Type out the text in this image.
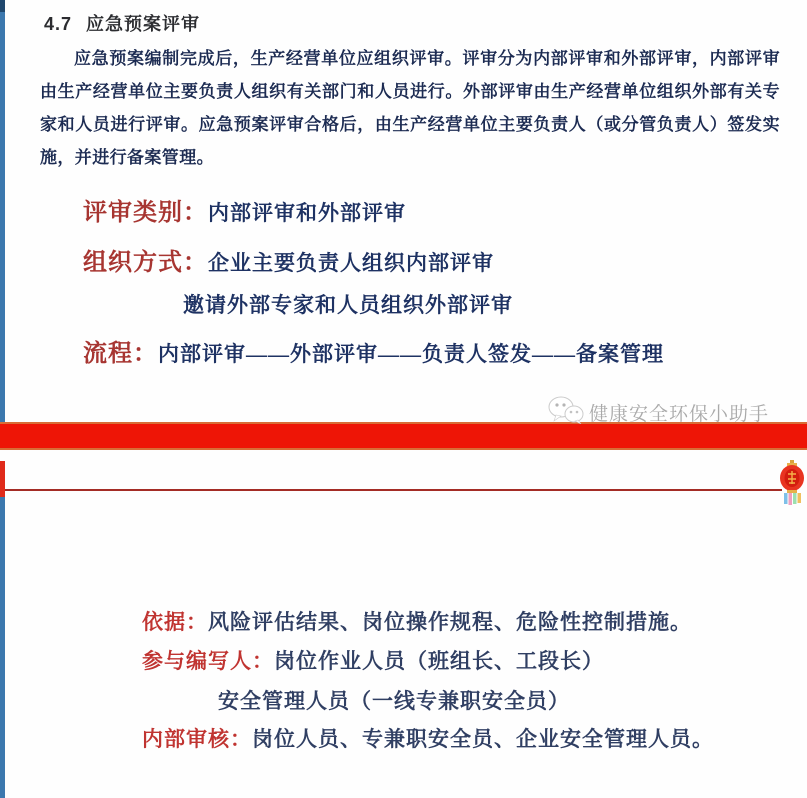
4.7 应急预案评审
应急预案编制完成后，生产经营单位应组织评审。评审分为内部评审和外部评审，内部评审由生产经营单位主要负责人组织有关部门和人员进行。外部评审由生产经营单位组织外部有关专家和人员进行评审。应急预案评审合格后，由生产经营单位主要负责人（或分管负责人）签发实施，并进行备案管理。
评审类别：内部评审和外部评审
组织方式：企业主要负责人组织内部评审
邀请外部专家和人员组织外部评审
流程：内部评审——外部评审——负责人签发——备案管理
健康安全环保小助手
依据：风险评估结果、岗位操作规程、危险性控制措施。
参与编写人：岗位作业人员（班组长、工段长）
安全管理人员（一线专兼职安全员）
内部审核：岗位人员、专兼职安全员、企业安全管理人员。
